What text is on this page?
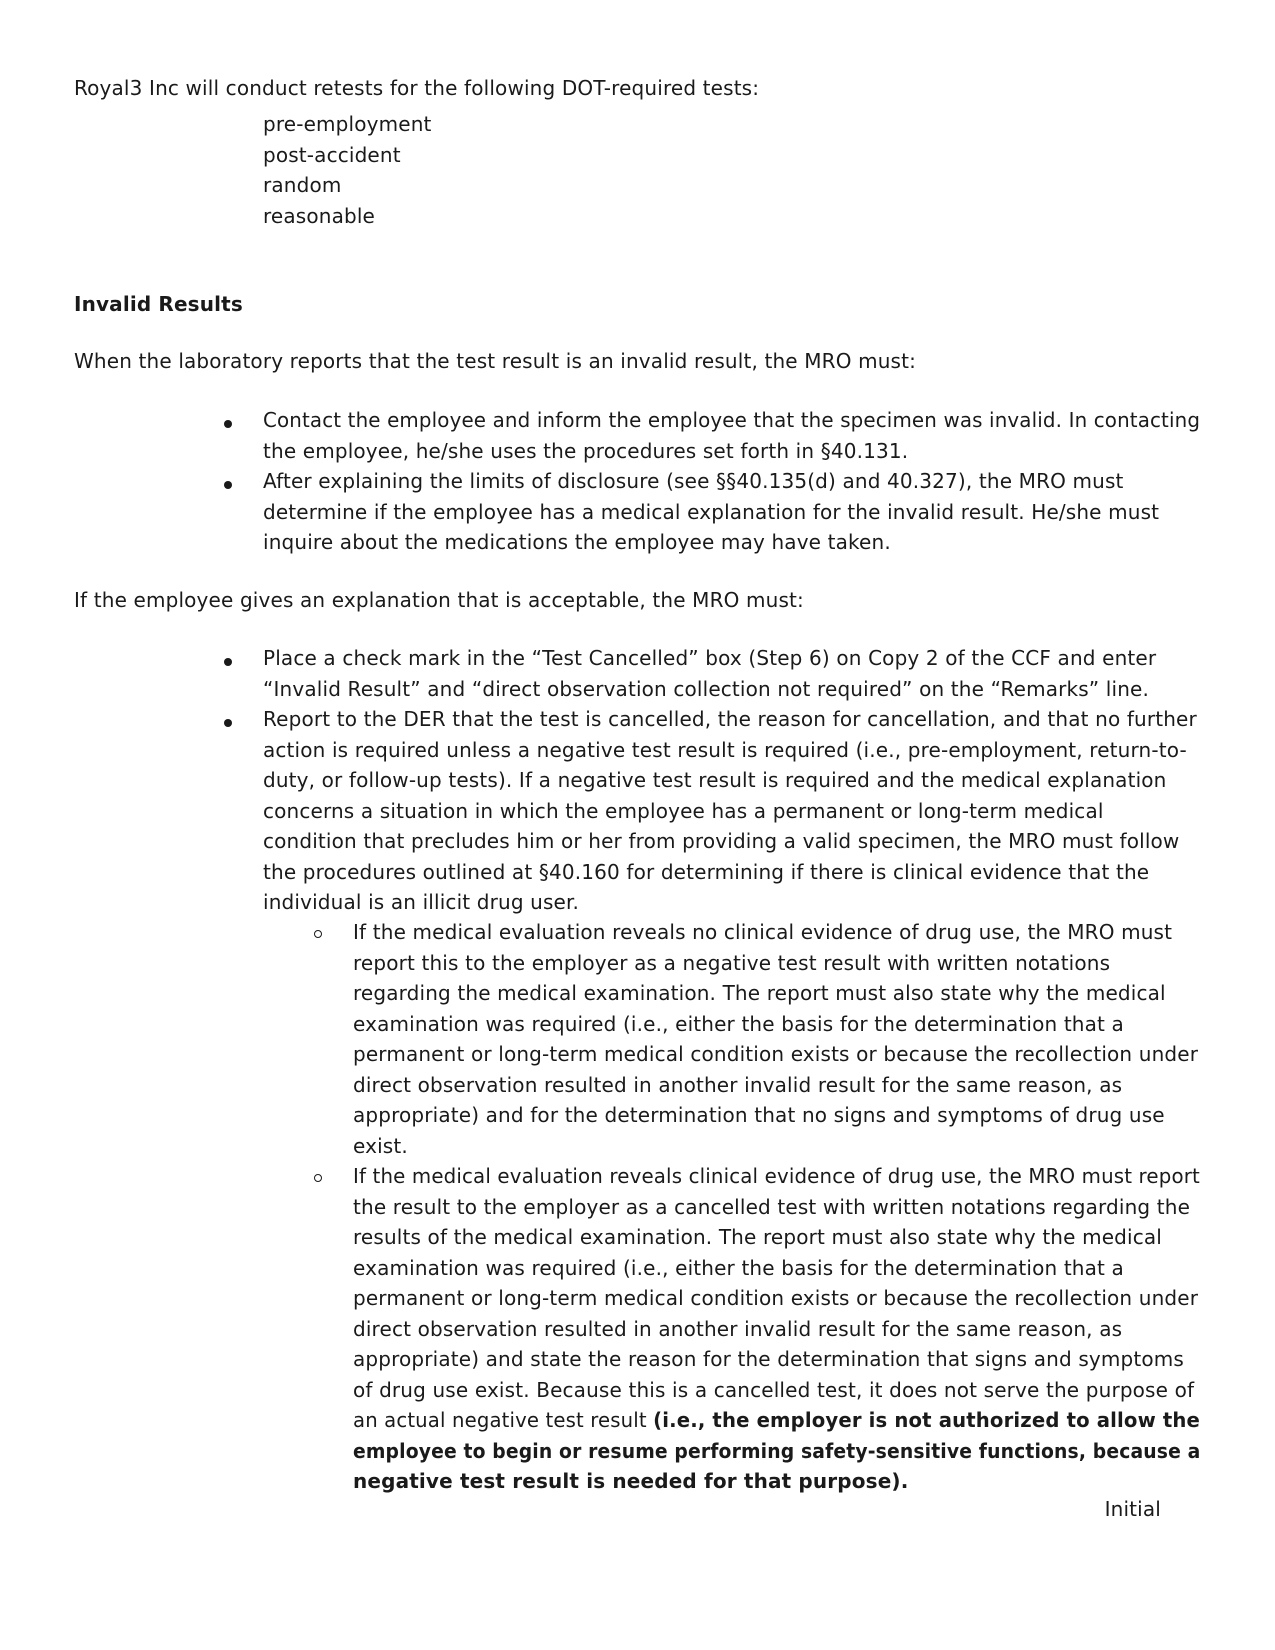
Royal3 Inc will conduct retests for the following DOT-required tests:
pre-employment
post-accident
random
reasonable
Invalid Results
When the laboratory reports that the test result is an invalid result, the MRO must:
Contact the employee and inform the employee that the specimen was invalid. In contacting
the employee, he/she uses the procedures set forth in §40.131.
After explaining the limits of disclosure (see §§40.135(d) and 40.327), the MRO must
determine if the employee has a medical explanation for the invalid result. He/she must
inquire about the medications the employee may have taken.
If the employee gives an explanation that is acceptable, the MRO must:
Place a check mark in the “Test Cancelled” box (Step 6) on Copy 2 of the CCF and enter
“Invalid Result” and “direct observation collection not required” on the “Remarks” line.
Report to the DER that the test is cancelled, the reason for cancellation, and that no further
action is required unless a negative test result is required (i.e., pre-employment, return-to-
duty, or follow-up tests). If a negative test result is required and the medical explanation
concerns a situation in which the employee has a permanent or long-term medical
condition that precludes him or her from providing a valid specimen, the MRO must follow
the procedures outlined at §40.160 for determining if there is clinical evidence that the
individual is an illicit drug user.
If the medical evaluation reveals no clinical evidence of drug use, the MRO must
report this to the employer as a negative test result with written notations
regarding the medical examination. The report must also state why the medical
examination was required (i.e., either the basis for the determination that a
permanent or long-term medical condition exists or because the recollection under
direct observation resulted in another invalid result for the same reason, as
appropriate) and for the determination that no signs and symptoms of drug use
exist.
If the medical evaluation reveals clinical evidence of drug use, the MRO must report
the result to the employer as a cancelled test with written notations regarding the
results of the medical examination. The report must also state why the medical
examination was required (i.e., either the basis for the determination that a
permanent or long-term medical condition exists or because the recollection under
direct observation resulted in another invalid result for the same reason, as
appropriate) and state the reason for the determination that signs and symptoms
of drug use exist. Because this is a cancelled test, it does not serve the purpose of
an actual negative test result (i.e., the employer is not authorized to allow the
employee to begin or resume performing safety-sensitive functions, because a
negative test result is needed for that purpose).
Initial
